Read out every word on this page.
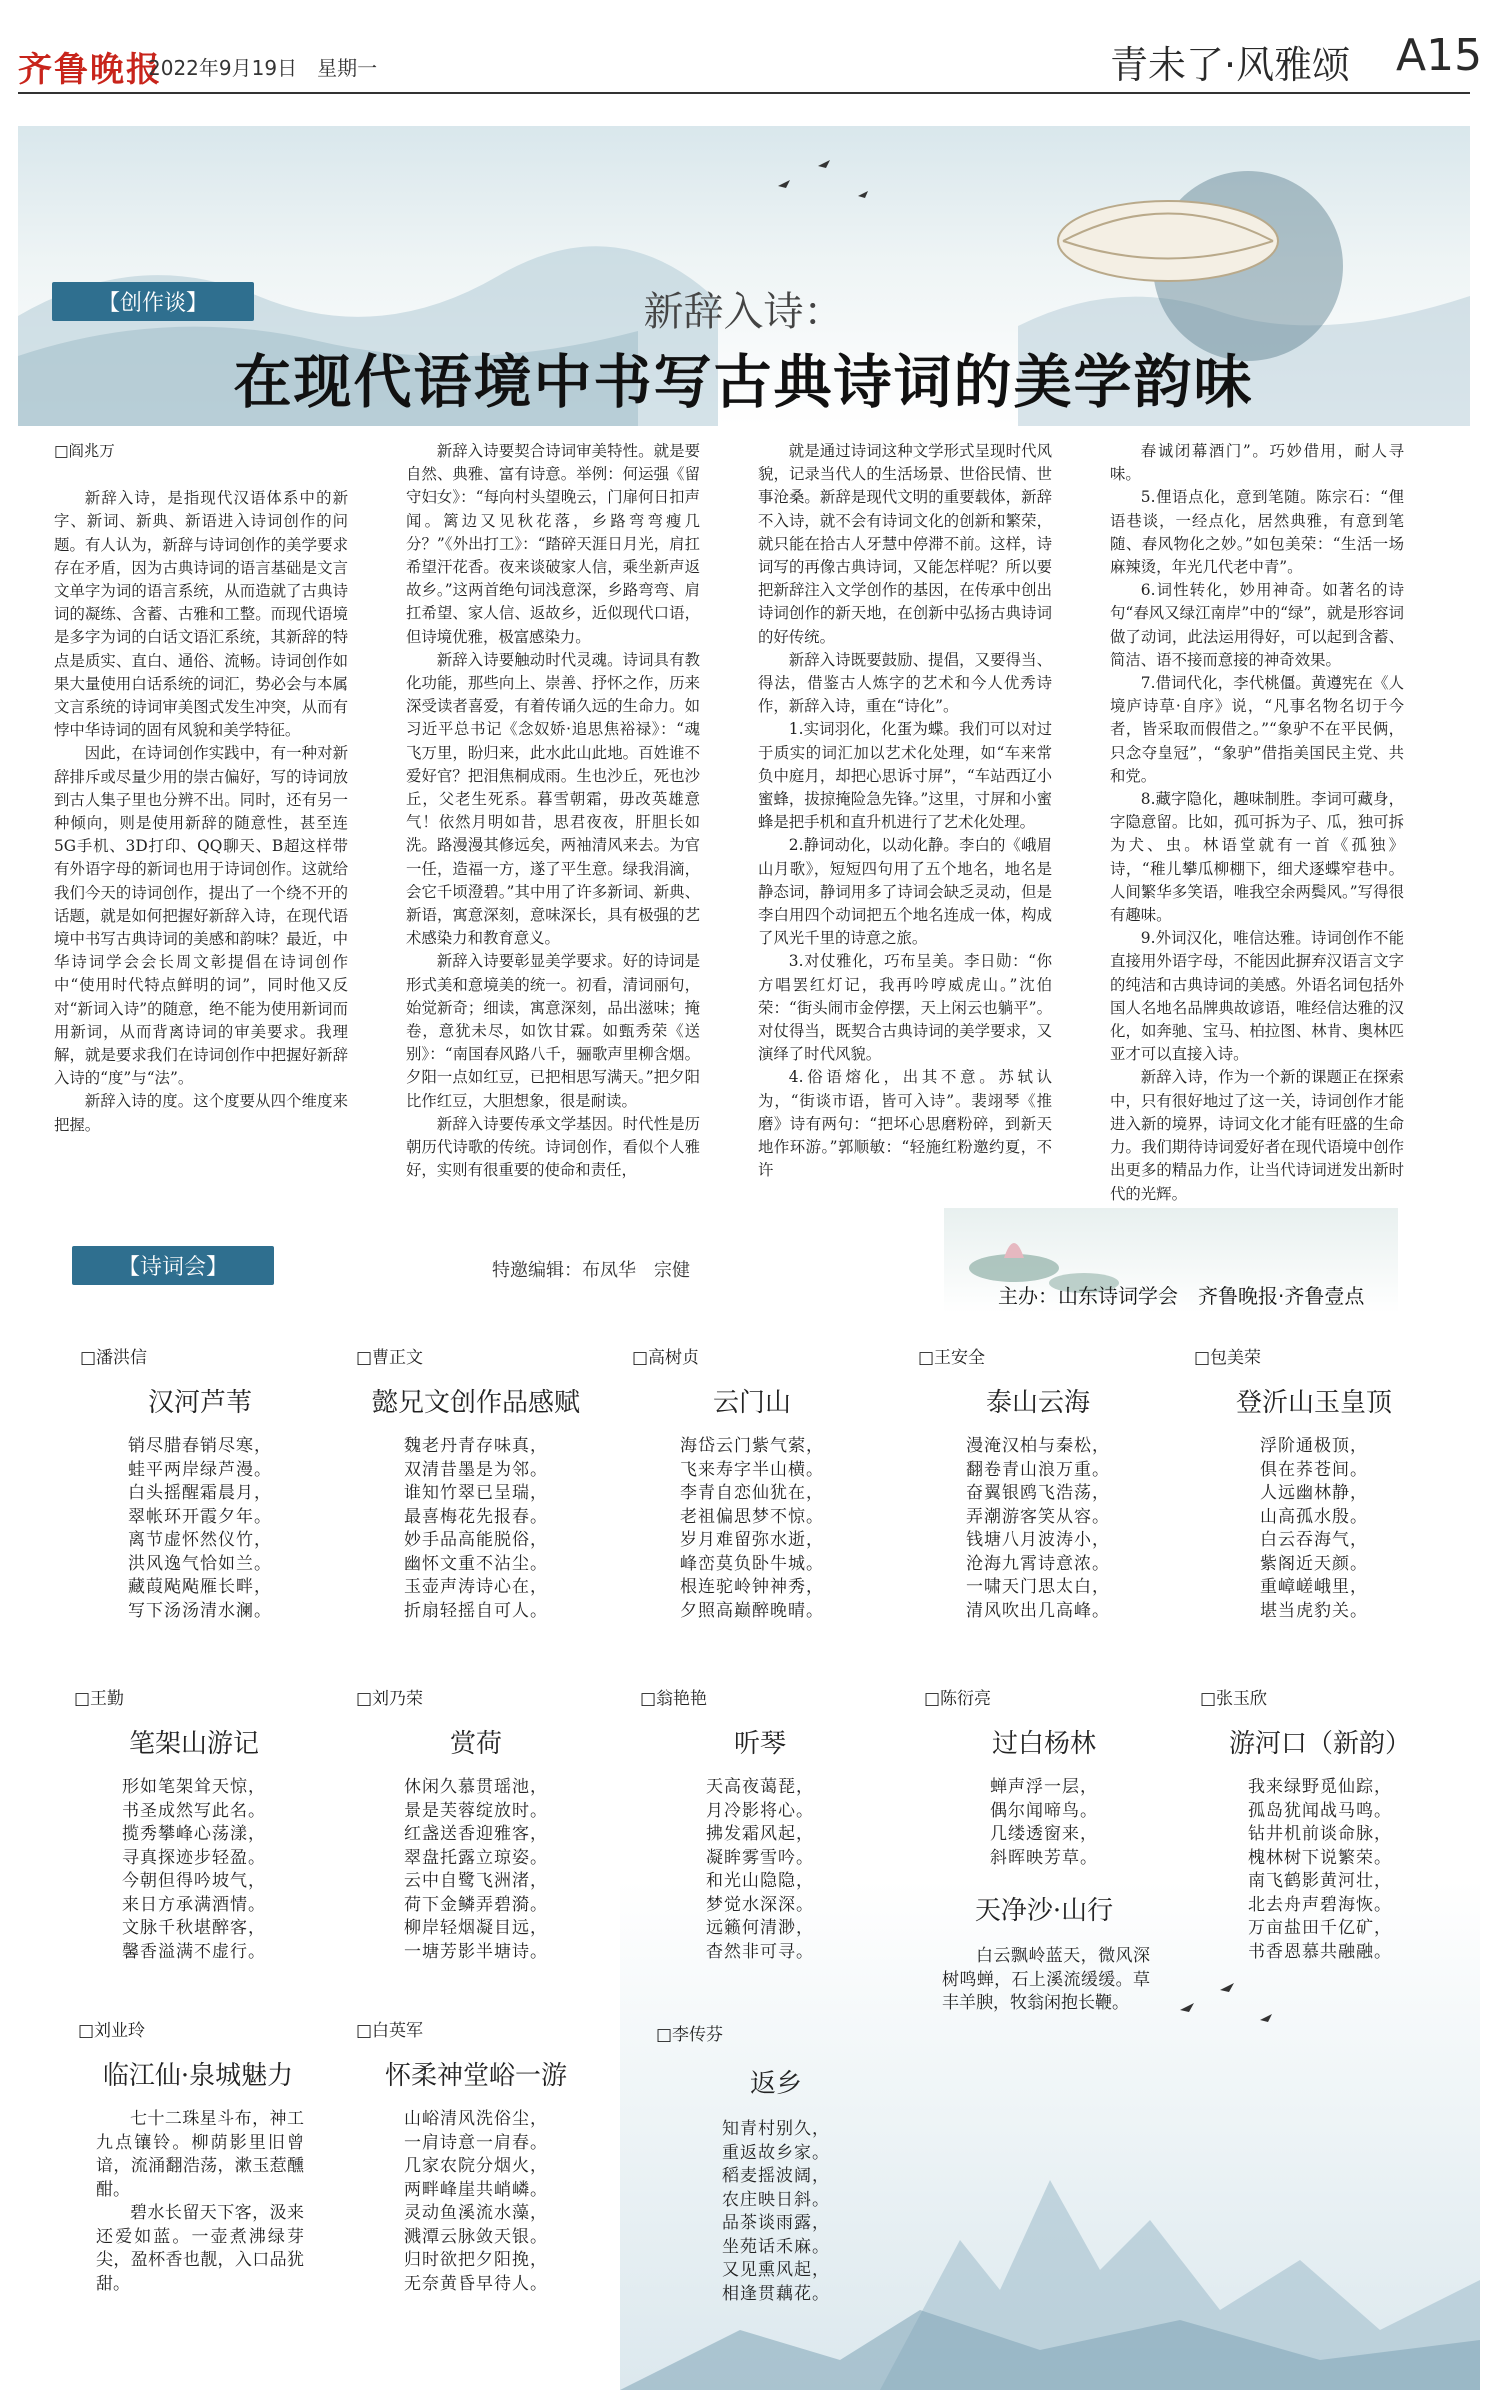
齐鲁晚报
2022年9月19日　星期一	青未了·风雅颂 A15
【创作谈】	新辞入诗：
在现代语境中书写古典诗词的美学韵味

□阎兆万

新辞入诗，是指现代汉语体系中的新字、新词、新典、新语进入诗词创作的问题。有人认为，新辞与诗词创作的美学要求存在矛盾，因为古典诗词的语言基础是文言文单字为词的语言系统，从而造就了古典诗词的凝练、含蓄、古雅和工整。而现代语境是多字为词的白话文语汇系统，其新辞的特点是质实、直白、通俗、流畅。诗词创作如果大量使用白话系统的词汇，势必会与本属文言系统的诗词审美图式发生冲突，从而有悖中华诗词的固有风貌和美学特征。

因此，在诗词创作实践中，有一种对新辞排斥或尽量少用的崇古偏好，写的诗词放到古人集子里也分辨不出。同时，还有另一种倾向，则是使用新辞的随意性，甚至连5G手机、3D打印、QQ聊天、B超这样带有外语字母的新词也用于诗词创作。这就给我们今天的诗词创作，提出了一个绕不开的话题，就是如何把握好新辞入诗，在现代语境中书写古典诗词的美感和韵味？最近，中华诗词学会会长周文彰提倡在诗词创作中“使用时代特点鲜明的词”，同时他又反对“新词入诗”的随意，绝不能为使用新词而用新词，从而背离诗词的审美要求。我理解，就是要求我们在诗词创作中把握好新辞入诗的“度”与“法”。

新辞入诗的度。这个度要从四个维度来把握。

新辞入诗要契合诗词审美特性。就是要自然、典雅、富有诗意。举例：何运强《留守妇女》：“每向村头望晚云，门扉何日扣声闻。篱边又见秋花落，乡路弯弯瘦几分？”《外出打工》：“踏碎天涯日月光，肩扛希望汗花香。夜来谈破家人信，乘坐新声返故乡。”这两首绝句词浅意深，乡路弯弯、肩扛希望、家人信、返故乡，近似现代口语，但诗境优雅，极富感染力。

新辞入诗要触动时代灵魂。诗词具有教化功能，那些向上、崇善、抒怀之作，历来深受读者喜爱，有着传诵久远的生命力。如习近平总书记《念奴娇·追思焦裕禄》：“魂飞万里，盼归来，此水此山此地。百姓谁不爱好官？把泪焦桐成雨。生也沙丘，死也沙丘，父老生死系。暮雪朝霜，毋改英雄意气！依然月明如昔，思君夜夜，肝胆长如洗。路漫漫其修远矣，两袖清风来去。为官一任，造福一方，遂了平生意。绿我涓滴，会它千顷澄碧。”其中用了许多新词、新典、新语，寓意深刻，意味深长，具有极强的艺术感染力和教育意义。

新辞入诗要彰显美学要求。好的诗词是形式美和意境美的统一。初看，清词丽句，始觉新奇；细读，寓意深刻，品出滋味；掩卷，意犹未尽，如饮甘霖。如甄秀荣《送别》：“南国春风路八千，骊歌声里柳含烟。夕阳一点如红豆，已把相思写满天。”把夕阳比作红豆，大胆想象，很是耐读。

新辞入诗要传承文学基因。时代性是历朝历代诗歌的传统。诗词创作，看似个人雅好，实则有很重要的使命和责任，

就是通过诗词这种文学形式呈现时代风貌，记录当代人的生活场景、世俗民情、世事沧桑。新辞是现代文明的重要载体，新辞不入诗，就不会有诗词文化的创新和繁荣，就只能在拾古人牙慧中停滞不前。这样，诗词写的再像古典诗词，又能怎样呢？所以要把新辞注入文学创作的基因，在传承中创出诗词创作的新天地，在创新中弘扬古典诗词的好传统。

新辞入诗既要鼓励、提倡，又要得当、得法，借鉴古人炼字的艺术和今人优秀诗作，新辞入诗，重在“诗化”。

1.实词羽化，化蛋为蝶。我们可以对过于质实的词汇加以艺术化处理，如“车来常负中庭月，却把心思诉寸屏”，“车站西辽小蜜蜂，拔掠掩险急先锋。”这里，寸屏和小蜜蜂是把手机和直升机进行了艺术化处理。

2.静词动化，以动化静。李白的《峨眉山月歌》，短短四句用了五个地名，地名是静态词，静词用多了诗词会缺乏灵动，但是李白用四个动词把五个地名连成一体，构成了风光千里的诗意之旅。

3.对仗雅化，巧布呈美。李日勋：“你方唱罢红灯记，我再吟哼威虎山。”沈伯荣：“街头闹市金停摆，天上闲云也躺平”。对仗得当，既契合古典诗词的美学要求，又演绎了时代风貌。

4.俗语熔化，出其不意。苏轼认为，“街谈市语，皆可入诗”。裴翊琴《推磨》诗有两句：“把坏心思磨粉碎，到新天地作环游。”郭顺敏：“轻施红粉邀约夏，不许

春诚闭幕酒门”。巧妙借用，耐人寻味。

5.俚语点化，意到笔随。陈宗石：“俚语巷谈，一经点化，居然典雅，有意到笔随、春风物化之妙。”如包美荣：“生活一场麻辣烫，年光几代老中青”。

6.词性转化，妙用神奇。如著名的诗句“春风又绿江南岸”中的“绿”，就是形容词做了动词，此法运用得好，可以起到含蓄、简洁、语不接而意接的神奇效果。

7.借词代化，李代桃僵。黄遵宪在《人境庐诗草·自序》说，“凡事名物名切于今者，皆采取而假借之。”“象驴不在平民俩，只念夺皇冠”，“象驴”借指美国民主党、共和党。

8.藏字隐化，趣味制胜。李词可藏身，字隐意留。比如，孤可拆为子、瓜，独可拆为犬、虫。林语堂就有一首《孤独》诗，“稚儿攀瓜柳棚下，细犬逐蝶窄巷中。人间繁华多笑语，唯我空余两鬓风。”写得很有趣味。

9.外词汉化，唯信达雅。诗词创作不能直接用外语字母，不能因此摒弃汉语言文字的纯洁和古典诗词的美感。外语名词包括外国人名地名品牌典故谚语，唯经信达雅的汉化，如奔驰、宝马、柏拉图、林肯、奥林匹亚才可以直接入诗。

新辞入诗，作为一个新的课题正在探索中，只有很好地过了这一关，诗词创作才能进入新的境界，诗词文化才能有旺盛的生命力。我们期待诗词爱好者在现代语境中创作出更多的精品力作，让当代诗词迸发出新时代的光辉。

【诗词会】	特邀编辑：布凤华　宗健
主办：山东诗词学会　齐鲁晚报·齐鲁壹点
□潘洪信
汉河芦苇
销尽腊春销尽寒，
蛙平两岸绿芦漫。
白头摇醒霜晨月，
翠帐环开霞夕年。
离节虚怀然仪竹，
洪风逸气恰如兰。
藏葭飐飐雁长畔，
写下汤汤清水澜。
□曹正文
懿兄文创作品感赋
魏老丹青存味真，
双清昔墨是为邻。
谁知竹翠已呈瑞，
最喜梅花先报春。
妙手品高能脱俗，
幽怀文重不沾尘。
玉壶声涛诗心在，
折扇轻摇自可人。
□高树贞
云门山
海岱云门紫气萦，
飞来寿字半山横。
李青自恋仙犹在，
老祖偏思梦不惊。
岁月难留弥水逝，
峰峦莫负卧牛城。
根连驼岭钟神秀，
夕照高巅醉晚晴。
□王安全
泰山云海
漫淹汉柏与秦松，
翻卷青山浪万重。
奋翼银鸥飞浩荡，
弄潮游客笑从容。
钱塘八月波涛小，
沧海九霄诗意浓。
一啸天门思太白，
清风吹出几高峰。
□包美荣
登沂山玉皇顶
浮阶通极顶，
俱在荞苍间。
人远幽林静，
山高孤水殷。
白云吞海气，
紫阁近天颜。
重嶂嵯峨里，
堪当虎豹关。
□王勤
笔架山游记
形如笔架耸天惊，
书圣成然写此名。
揽秀攀峰心荡漾，
寻真探迹步轻盈。
今朝但得吟坡气，
来日方承满酒情。
文脉千秋堪醉客，
馨香溢满不虚行。
□刘乃荣
赏荷
休闲久慕贯瑶池，
景是芙蓉绽放时。
红盏送香迎雅客，
翠盘托露立琼姿。
云中自鹭飞洲渚，
荷下金鳞弄碧漪。
柳岸轻烟凝目远，
一塘芳影半塘诗。
□翁艳艳
听琴
天高夜蔼琵，
月冷影将心。
拂发霜风起，
凝眸雾雪吟。
和光山隐隐，
梦觉水深深。
远籁何清渺，
杳然非可寻。
□陈衍亮
过白杨林
蝉声浮一层，
偶尔闻啼鸟。
几缕透窗来，
斜晖映芳草。
天净沙·山行
白云飘岭蓝天，微风深树鸣蝉，石上溪流缓缓。草丰羊腴，牧翁闲抱长鞭。
□张玉欣
游河口（新韵）
我来绿野觅仙踪，
孤岛犹闻战马鸣。
钻井机前谈命脉，
槐林树下说繁荣。
南飞鹤影黄河壮，
北去舟声碧海恢。
万亩盐田千亿矿，
书香恩慕共融融。
□刘业玲
临江仙·泉城魅力
七十二珠星斗布，神工九点镶铃。柳荫影里旧曾谙，流涌翻浩荡，漱玉惹醺酣。
碧水长留天下客，汲来还爱如蓝。一壶煮沸绿芽尖，盈杯香也靓，入口品犹甜。
□白英军
怀柔神堂峪一游
山峪清风洗俗尘，
一肩诗意一肩春。
几家农院分烟火，
两畔峰崖共峭嶙。
灵动鱼溪流水藻，
溅潭云脉敛天银。
归时欲把夕阳挽，
无奈黄昏早待人。
□李传芬
返乡
知青村别久，
重返故乡家。
稻麦摇波阔，
农庄映日斜。
品茶谈雨露，
坐苑话禾麻。
又见熏风起，
相逢贯藕花。
